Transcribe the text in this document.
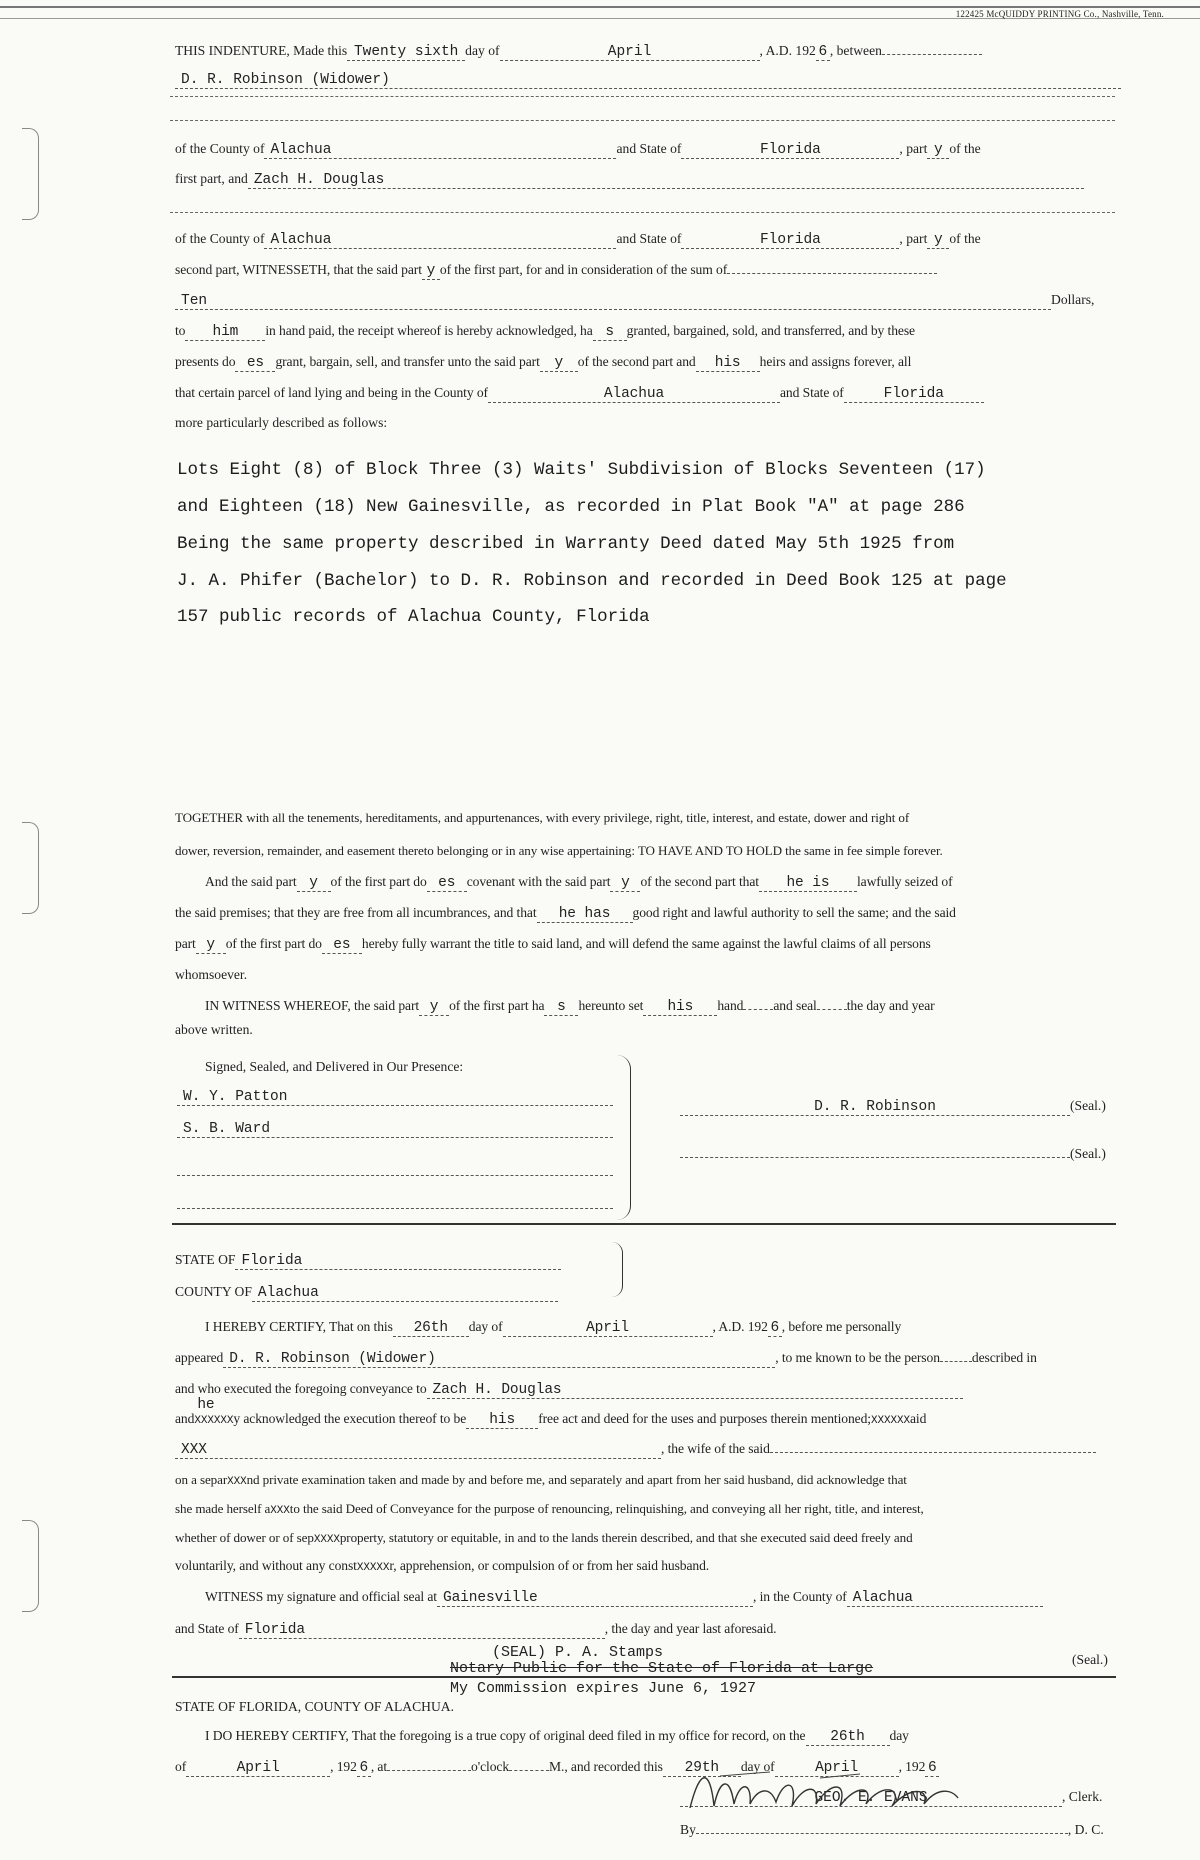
122425 McQUIDDY PRINTING Co., Nashville, Tenn.
THIS INDENTURE, Made this Twenty sixth day of	April	, A.D. 192 6 , between
D. R. Robinson (Widower)
of the County of Alachua	and State of	Florida	, part y of the
first part, and Zach H. Douglas
of the County of Alachua	and State of	Florida	, part y of the
second part, WITNESSETH, that the said part y of the first part, for and in consideration of the sum of
Ten	Dollars,
to him in hand paid, the receipt whereof is hereby acknowledged, ha s granted, bargained, sold, and transferred, and by these
presents do es grant, bargain, sell, and transfer unto the said part y of the second part and his heirs and assigns forever, all
that certain parcel of land lying and being in the County of	Alachua	and State of	Florida
more particularly described as follows:
Lots Eight (8) of Block Three (3) Waits' Subdivision of Blocks Seventeen (17)
and Eighteen (18) New Gainesville, as recorded in Plat Book "A" at page 286
Being the same property described in Warranty Deed dated May 5th 1925 from
J. A. Phifer (Bachelor) to D. R. Robinson and recorded in Deed Book 125 at page
157 public records of Alachua County, Florida
TOGETHER with all the tenements, hereditaments, and appurtenances, with every privilege, right, title, interest, and estate, dower and right of
dower, reversion, remainder, and easement thereto belonging or in any wise appertaining: TO HAVE AND TO HOLD the same in fee simple forever.
And the said part y of the first part do es covenant with the said part y of the second part that he is lawfully seized of
the said premises; that they are free from all incumbrances, and that he has good right and lawful authority to sell the same; and the said
part y of the first part do es hereby fully warrant the title to said land, and will defend the same against the lawful claims of all persons
whomsoever.
IN WITNESS WHEREOF, the said part y of the first part ha s hereunto set his hand and seal the day and year
above written.
Signed, Sealed, and Delivered in Our Presence:
W. Y. Patton
S. B. Ward
D. R. Robinson	(Seal.)
(Seal.)
STATE OF Florida
COUNTY OF Alachua
I HEREBY CERTIFY, That on this 26th day of	April	, A.D. 192 6 , before me personally
appeared D. R. Robinson (Widower)	, to me known to be the person described in
and who executed the foregoing conveyance to Zach H. Douglas
andXXXXXX
he
y acknowledged the execution thereof to be his free act and deed for the uses and purposes therein mentioned;XXXXXXaid
XXX	, the wife of the said
on a separXXXnd private examination taken and made by and before me, and separately and apart from her said husband, did acknowledge that
she made herself aXXXto the said Deed of Conveyance for the purpose of renouncing, relinquishing, and conveying all her right, title, and interest,
whether of dower or of sepXXXXproperty, statutory or equitable, in and to the lands therein described, and that she executed said deed freely and
voluntarily, and without any constXXXXXr, apprehension, or compulsion of or from her said husband.
WITNESS my signature and official seal at Gainesville	, in the County of Alachua
and State of Florida	, the day and year last aforesaid.
(SEAL) P. A. Stamps
Notary Public for the State of Florida at Large
(Seal.)
My Commission expires June 6, 1927
STATE OF FLORIDA, COUNTY OF ALACHUA.
I DO HEREBY CERTIFY, That the foregoing is a true copy of original deed filed in my office for record, on the 26th day
of	April	, 192 6 , at	o'clock	M., and recorded this 29th day of	April	, 192 6
GEO. E. EVANS	, Clerk.
By	, D. C.
